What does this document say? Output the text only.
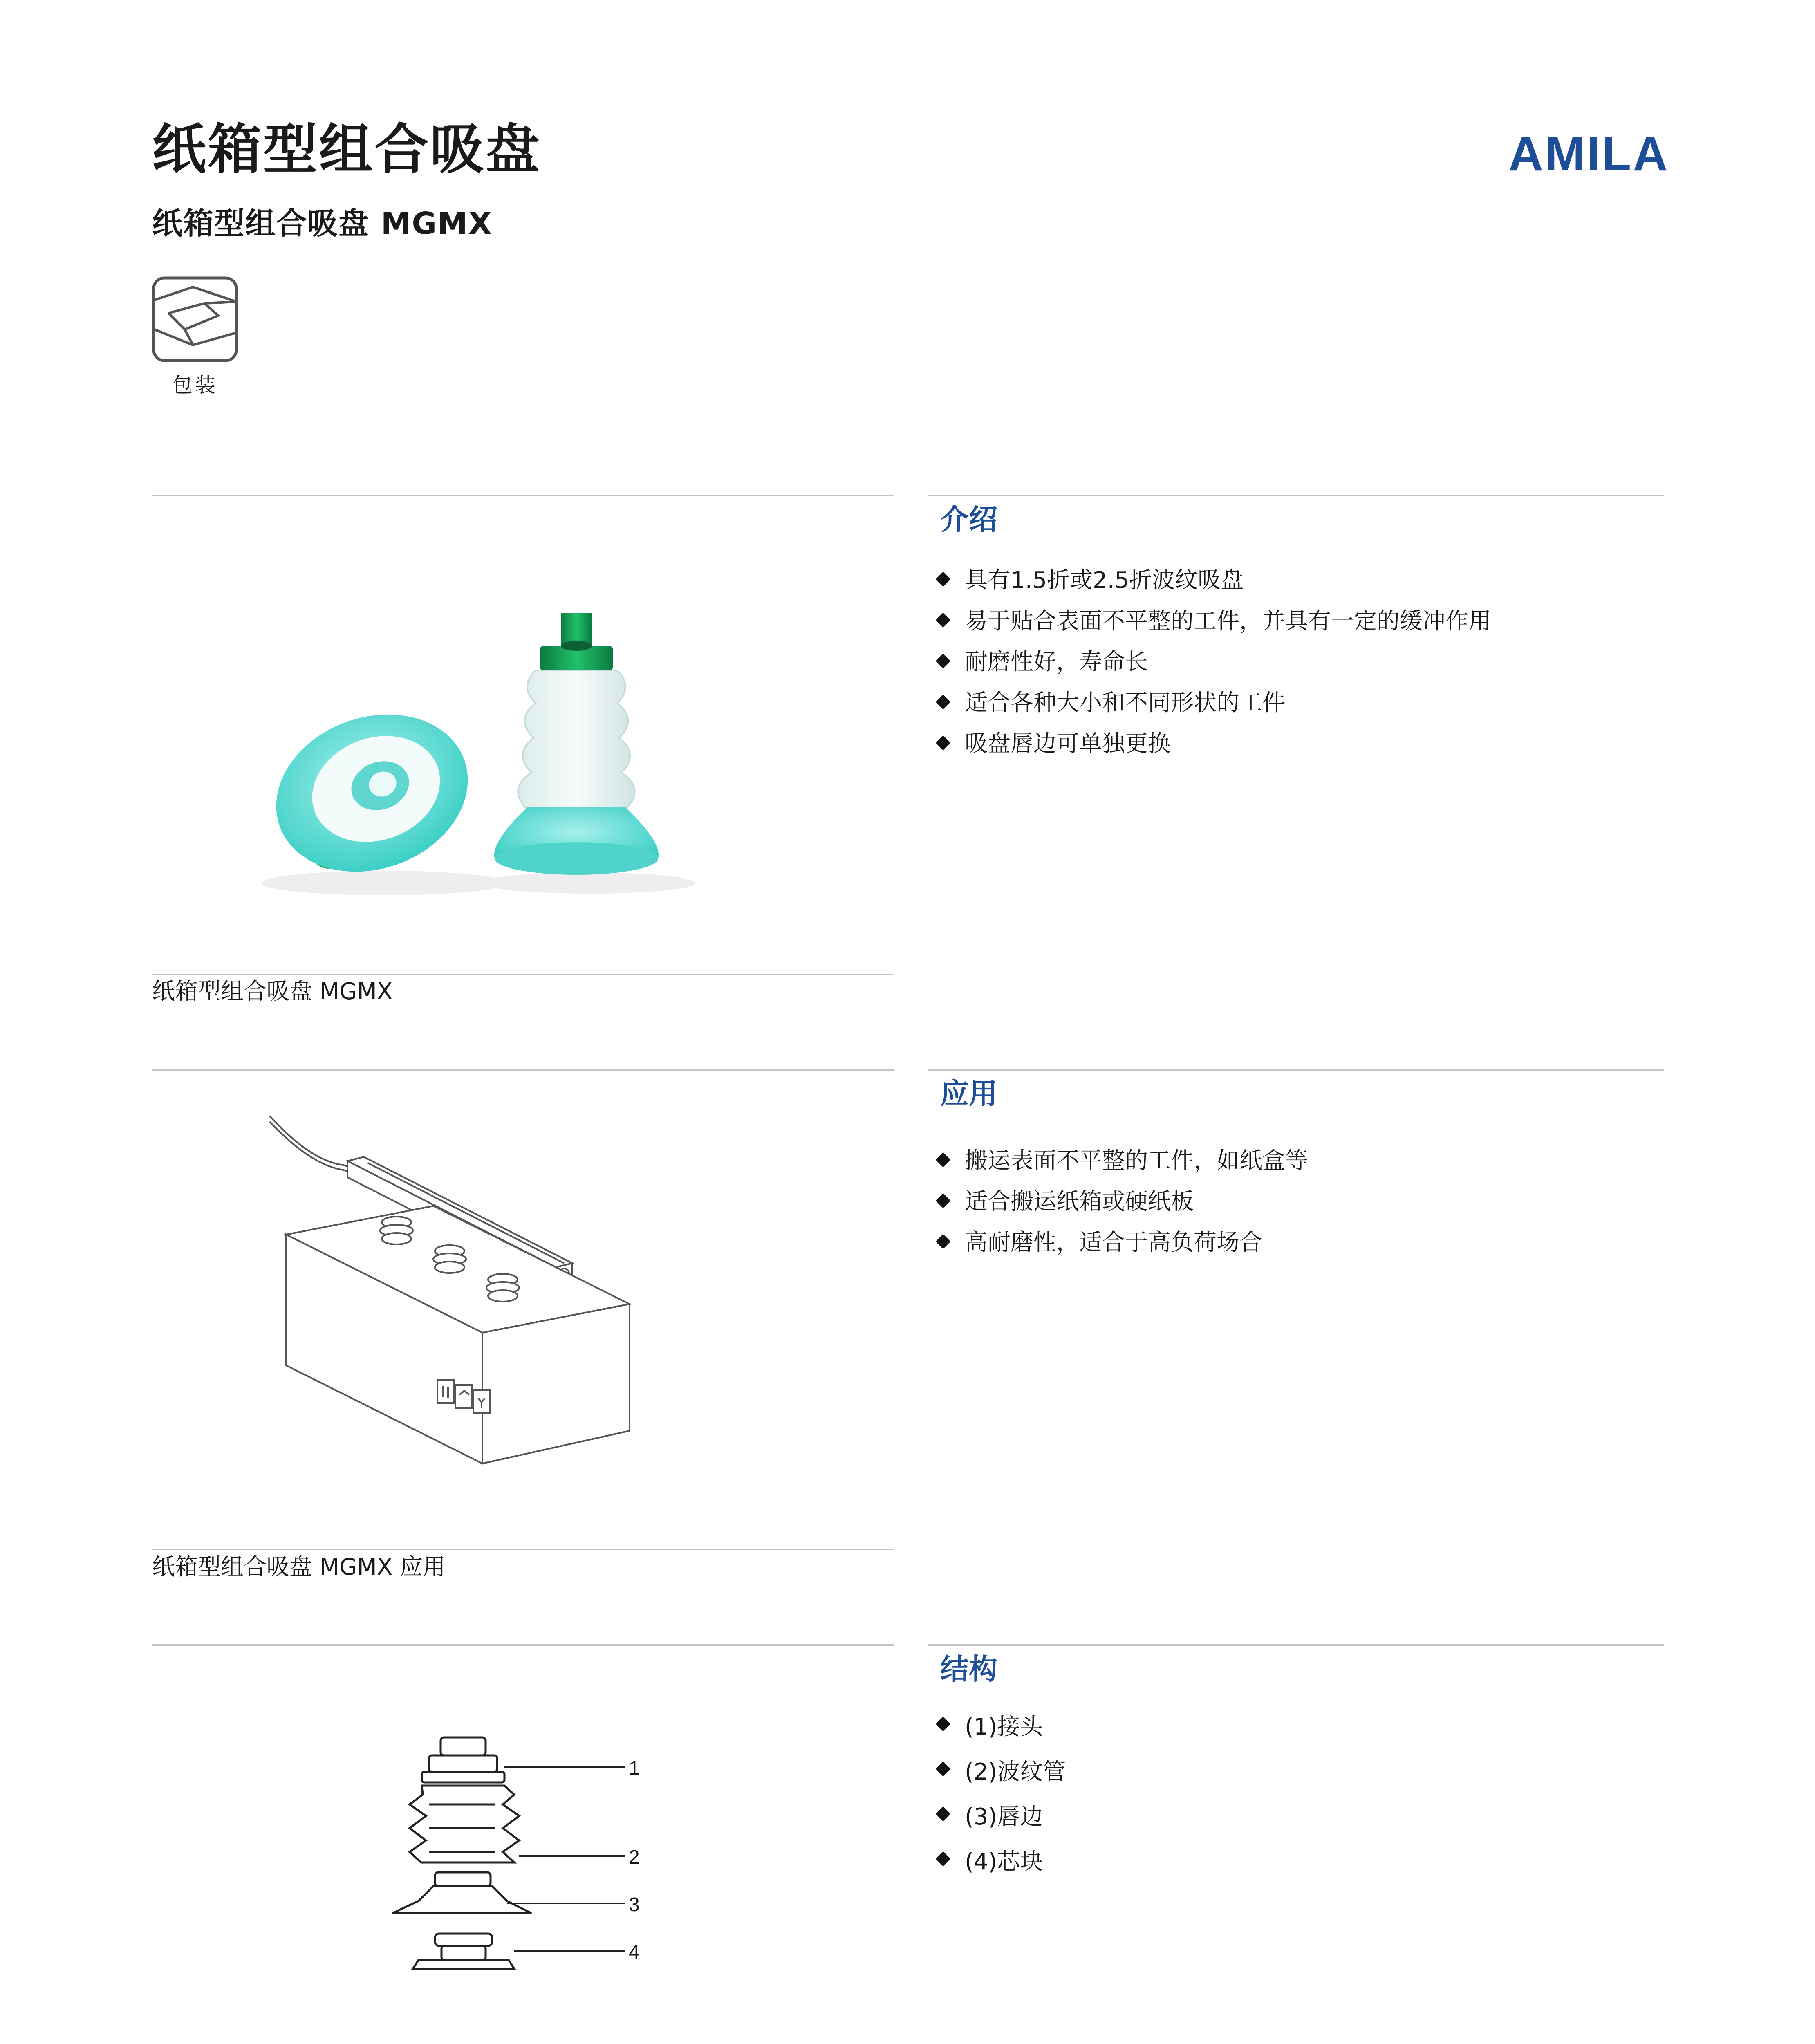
纸箱型组合吸盘
纸箱型组合吸盘 MGMX
AMILA
包装
介绍
具有1.5折或2.5折波纹吸盘
易于贴合表面不平整的工件，并具有一定的缓冲作用
耐磨性好，寿命长
适合各种大小和不同形状的工件
吸盘唇边可单独更换
纸箱型组合吸盘 MGMX
应用
搬运表面不平整的工件，如纸盒等
适合搬运纸箱或硬纸板
高耐磨性，适合于高负荷场合
纸箱型组合吸盘 MGMX 应用
结构
(1)接头
(2)波纹管
(3)唇边
(4)芯块
1
2
3
4
